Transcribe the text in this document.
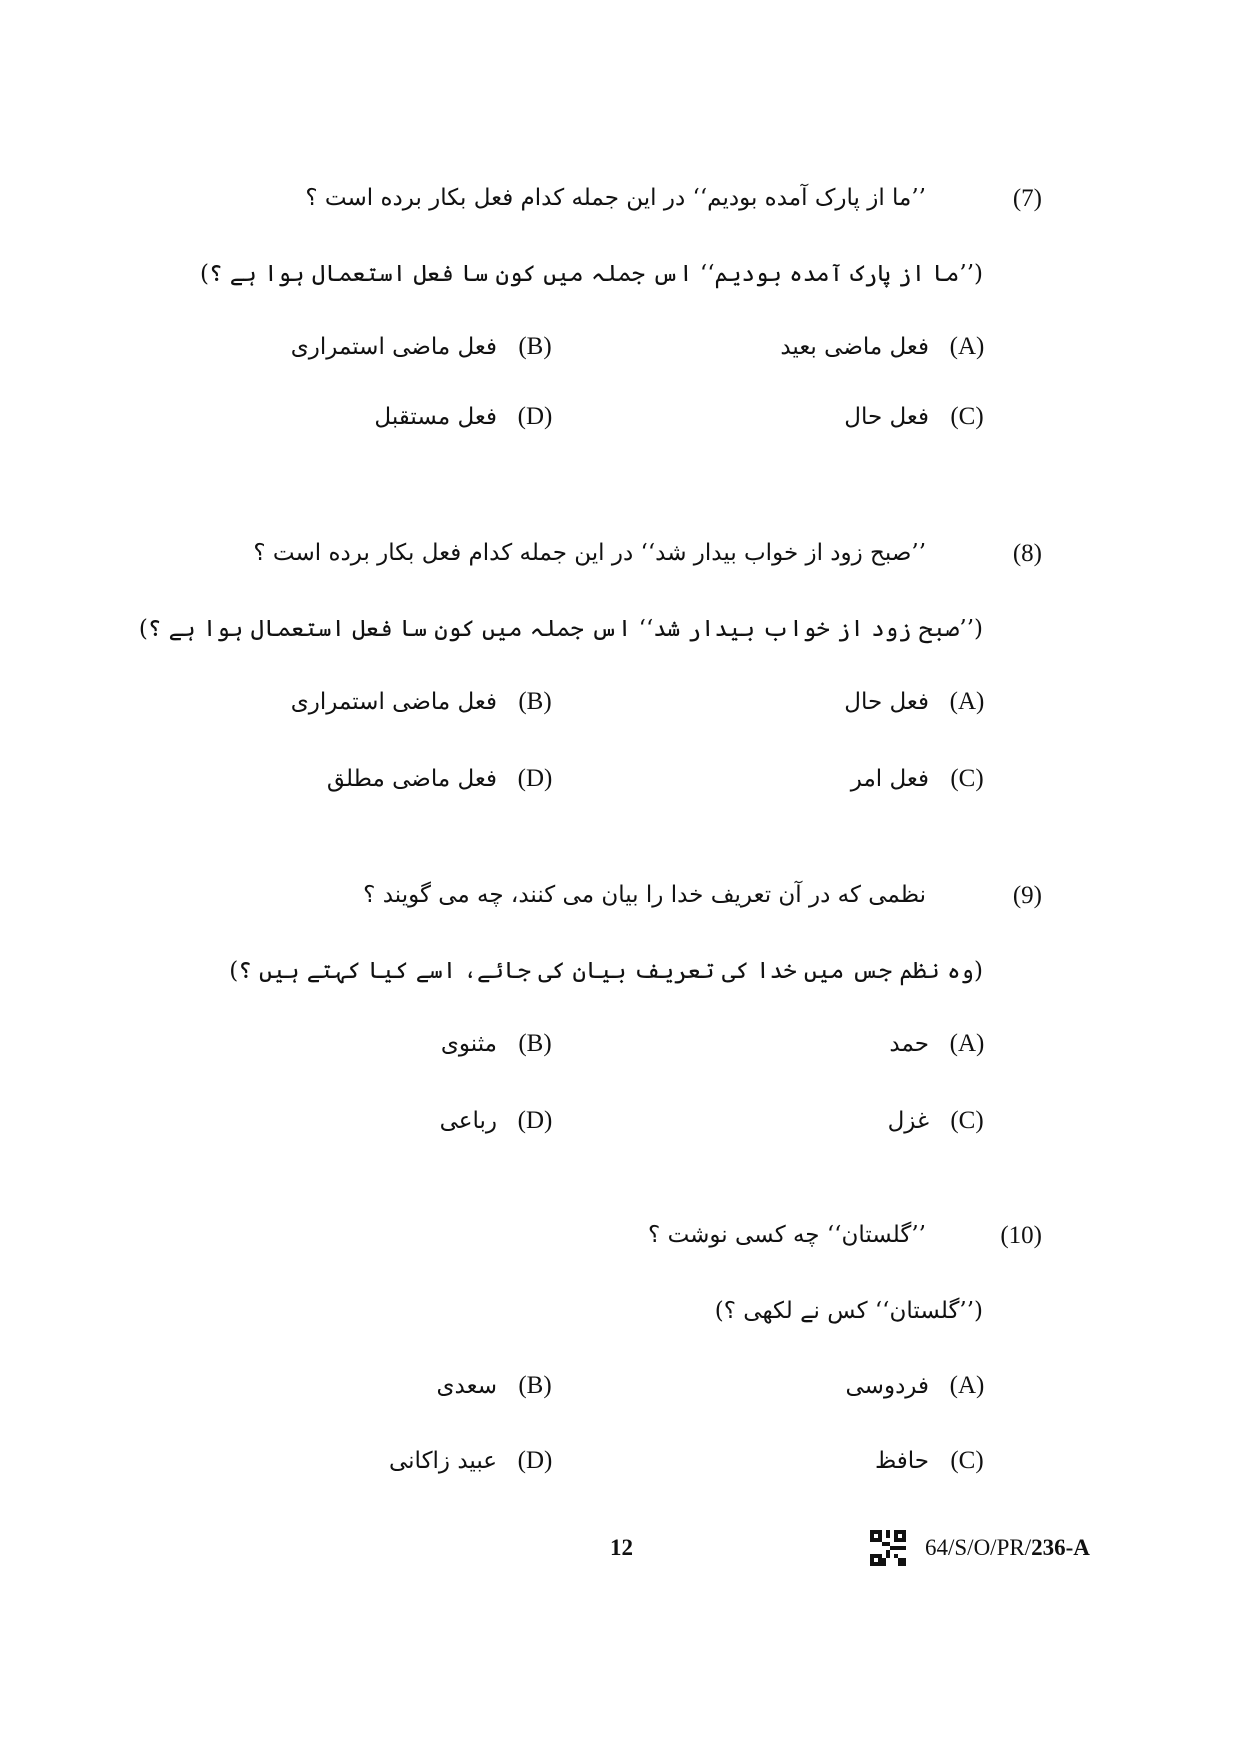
(7)
’’ما از پارک آمده بودیم‘‘ در این جمله کدام فعل بکار برده است ؟
(’’ما از پارک آمده بودیم‘‘ اس جملہ میں کون سا فعل استعمال ہوا ہے ؟)
(A)فعل ماضی بعید
(B)فعل ماضی استمراری
(C)فعل حال
(D)فعل مستقبل
(8)
’’صبح زود از خواب بیدار شد‘‘ در این جمله کدام فعل بکار برده است ؟
(’’صبح زود از خواب بیدار شد‘‘ اس جملہ میں کون سا فعل استعمال ہوا ہے ؟)
(A)فعل حال
(B)فعل ماضی استمراری
(C)فعل امر
(D)فعل ماضی مطلق
(9)
نظمی که در آن تعریف خدا را بیان می کنند، چه می گویند ؟
(وہ نظم جس میں خدا کی تعریف بیان کی جائے، اسے کیا کہتے ہیں ؟)
(A)حمد
(B)مثنوی
(C)غزل
(D)رباعی
(10)
’’گلستان‘‘ چه کسی نوشت ؟
(’’گلستان‘‘ کس نے لکھی ؟)
(A)فردوسی
(B)سعدی
(C)حافظ
(D)عبید زاکانی
12	64/S/O/PR/236-A
